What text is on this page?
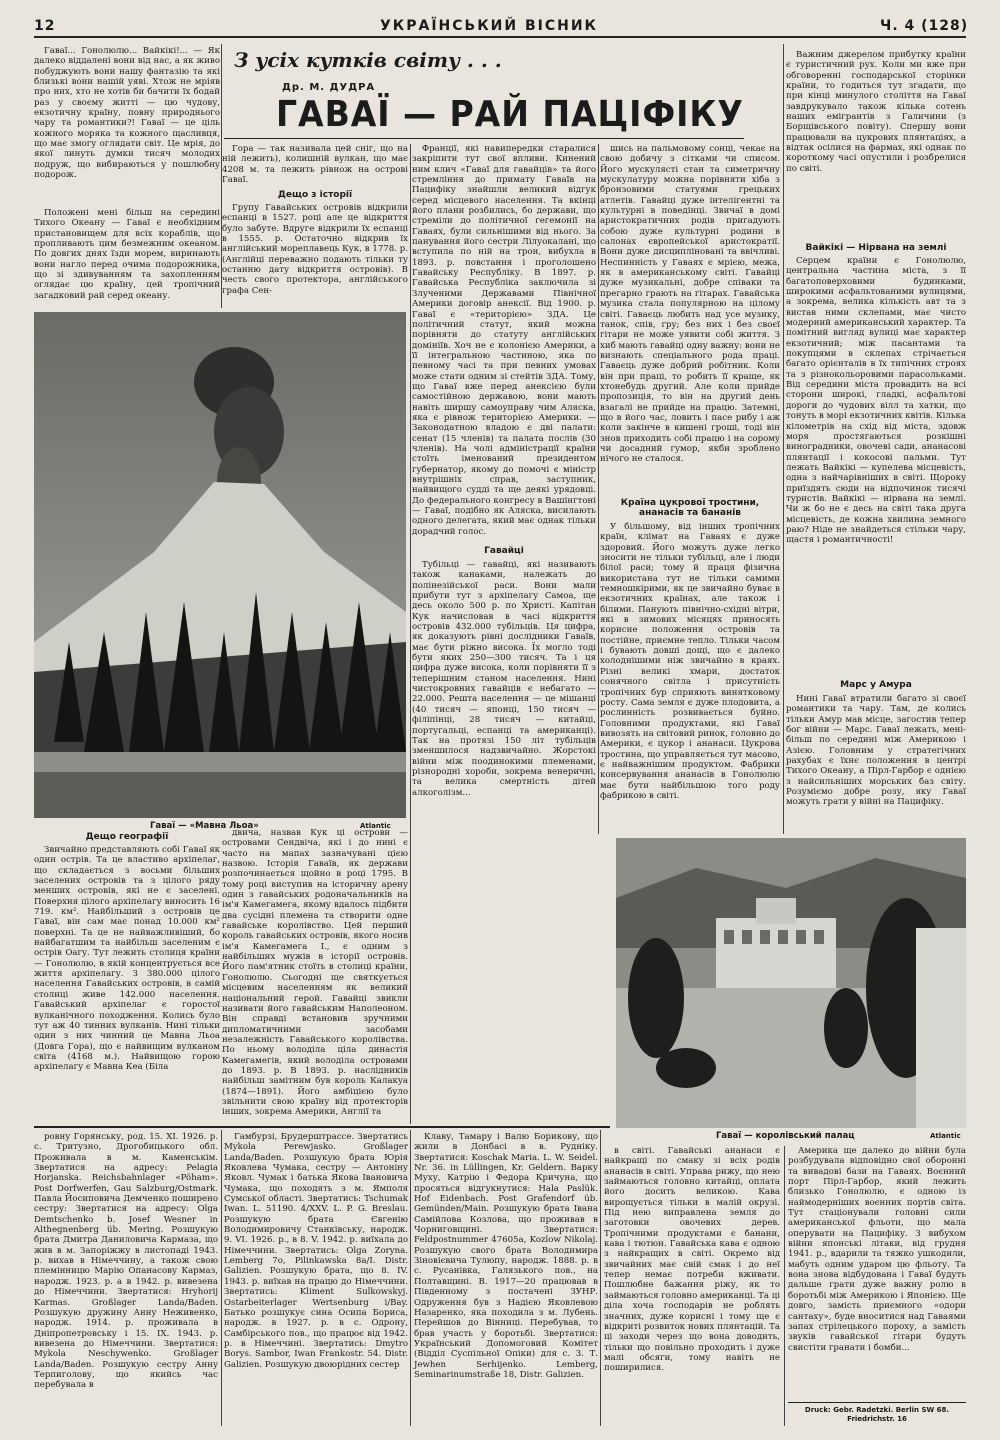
12	УКРАЇНСЬКИЙ ВІСНИК	Ч. 4 (128)

Гаваї... Гонолюлю... Вайкікі!... — Як далеко віддалені вони від нас, а як живо побуджують вони нашу фантазію та які близькі вони нашій уяві. Хтож не мріяв про них, хто не хотів би бачити їх бодай раз у своєму житті — цю чудову, екзотичну країну, повну природнього чару та романтики?! Гаваї — це ціль кожного моряка та кожного щасливця, що має змогу оглядати світ. Це мрія, до якої линуть думки тисяч молодих подруж, що вибираються у пошлюбну подорож.

Положені мені більш на середині Тихого Океану — Гаваї є необхідним пристановищем для всіх кораблів, що пропливають цим безмежним океаном. По довгих днях їзди морем, виринають вони нагло перед очима подорожника, що зі здивуванням та захопленням оглядає цю країну, цей тропічний загадковий рай серед океану.

З усіх кутків світу . . .
Др. М. ДУДРА
ГАВАЇ — РАЙ ПАЦІФІКУ

Гора — так називала цей сніг, що на ній лежить), колишній вулкан, що має 4208 м. та лежить рівнож на острові Гаваї.

Дещо з історії

Групу Гавайських островів відкрили еспанці в 1527. році але це відкриття було забуте. Вдруге відкрили їх еспанці в 1555. р. Остаточно відкрив їх англійський мореплавець Кук, в 1778. р. (Англійці переважно подають тільки ту останню дату відкриття островів). В честь свого протектора, англійського графа Сен-

Гаваї — «Мавна Льоа»	Atlantic
Дещо географії

Звичайно представляють собі Гаваї як один острів. Та це властиво архіпелаг, що складається з восьми більших заселених островів та з цілого ряду менших островів, які не є заселені. Поверхня цілого архіпелагу виносить 16 719. км². Найбільший з островів це Гаваї, він сам має понад 10.000 км² поверхні. Та це не найважливіший, бо найбагатшим та найбільш заселеним є острів Оагу. Тут лежить столиця країни — Гонолюлю, в якій концентрується все життя архіпелагу. З 380.000 цілого населення Гавайських островів, в самій столиці живе 142.000 населення. Гавайський архіпелаг є горостої вулканічного походження. Колись було тут аж 40 тинних вулканів. Нині тільки один з них чинний це Мавна Льоа (Довга Гора), що є найвищим вулканом світа (4168 м.). Найвищою горою архіпелагу є Мавна Кеа (Біла

двича, назвав Кук ці острови — островами Сендвіча, які і до нині є часто на мапах зазначувані цією назвою. Історія Гаваїв, як держави розпочинається щойно в році 1795. В тому році виступив на історичну арену один з гавайських родоначальників на ім'я Камегамега, якому вдалось підбити два сусідні племена та створити одне гавайське королівство. Цей перший король гавайських островів, якого носив ім'я Камегамега I., є одним з найбільших мужів в історії островів. Його пам'ятник стоїть в столиці країни, Гонолюлю. Сьогодні ще святкується місцевим населенням як великий національний герой. Гавайці звикли називати його гавайським Наполеоном. Він справді встановив зручними дипломатичними засобами незалежність Гавайського королівства. По ньому володіла ціла династія Камегамегів, який володіла островами до 1893. р. В 1893. р. наслідників найбільш замітним був король Калакуа (1874—1891). Його амбіцією було звільнити свою країну від протекторів інших, зокрема Америки, Англії та

Франції, які навипередки старалися закріпити тут свої впливи. Кинений ним клич «Гаваї для гавайців» та його стремління до примату Гаваїв на Пацифіку знайшли великий відгук серед місцевого населення. Та вкінці його плани розбились, бо держави, що стреміли до політичної гегемонії на Гаваях, були сильнішими від нього. За панування його сестри Лілуокалані, що вступила по ній на трон, вибухла в 1893. р. повстання і проголошено Гавайську Республіку. В 1897. р. Гавайська Республіка заключила зі Злученими Державами Північної Америки договір анексії. Від 1900. р. Гаваї є «територією» ЗДА. Це політичний статут, який можна порівняти до статуту англійських домініїв. Хоч не є колонією Америки, а її інтегральною частиною, яка по певному часі та при певних умовах може стати одним зі стейтів ЗДА. Тому, що Гаваї вже перед анексією були самостійною державою, вони мають навіть ширшу самоуправу чим Аляска, яка є рівнож територією Америки. — Законодатною владою є дві палати: сенат (15 членів) та палата послів (30 членів). На чолі адміністрації країни стоїть іменований президентом губернатор, якому до помочі є міністр внутрішніх справ, заступник, найвищого судді та ще деякі урядовці. До федерального конгресу в Вашінгтоні — Гаваї, подібно як Аляска, висилають одного делегата, який має однак тільки дорадчий голос.

Гавайці

Тубільці — гавайці, які називають також канаками, належать до полінезійської раси. Вони мали прибути тут з архіпелагу Самоа, ще десь около 500 р. по Христі. Капітан Кук начисловав в часі відкриття островів 432.000 тубільців. Ця цифра, як доказують рівні дослідники Гаваїв, має бути ріжно висока. Їх могло тоді бути яких 250—300 тисяч. Та і ця цифра дуже висока, коли порівняти її з теперішним станом населення. Нині чистокровних гавайців є небагато — 22.000. Решта населення — це мішанці (40 тисяч — японці, 150 тисяч — філіпінці, 28 тисяч — китайці, португальці, еспанці та американці). Так на протязі 150 літ тубільців зменшилося надзвичайно. Жорстокі війни між поодинокими племенами, різнородні хороби, зокрема венеричні, та велика смертність дітей алкоголізм...

шись на пальмовому сонці, чекає на свою добичу з сітками чи списом. Його мускулясті стан та симетричну мускулатуру можна порівняти хіба з бронзовими статуями грецьких атлетів. Гавайці дуже інтелігентні та культурні в поведінці. Звичаї в домі аристократичних родів пригадують собою дуже культурні родини в салонах європейської аристократії. Вони дуже дисципліновані та ввічливі. Неспинність у Гаваях є мрією, межа, як в американському світі. Гавайці дуже музикальні, добре співаки та прегарно грають на гітарах. Гавайська музика стала популярною на цілому світі. Гаваєць любить над усе музику, танок, спів, гру; без них і без своєї гітари не може уявити собі життя. З хиб мають гавайці одну важну: вони не визнають спеціального рода праці. Гаваєць дуже добрий робітник. Коли він при праці, то робить її краще, як хтонебудь другий. Але коли прийде пропозиція, то він на другий день взагалі не прийде на працю. Затемні, що в його час, ловить і пасе рибу і аж коли закінче в кишені гроші, тоді він знов приходить собі працю і на сорому чи досадний гумор, якби зроблено нічого не сталося.

Країна цукрової тростини, ананасів та бананів

У більшому, від інших тропічних країн, клімат на Гаваях є дуже здоровий. Його можуть дуже легко зносити не тільки тубільці, але і люди білої раси; тому й праця фізична використана тут не тільки самими темношкірими, як це звичайно буває в екзотичних країнах, але також і білими. Панують північно-східні вітри, які в зимових місяцях приносять корисне положення островів та постійне, приємне тепло. Тільки часом і бувають довші дощі, що є далеко холоднішими ніж звичайно в краях. Різні великі хмари, достаток сонячного світла і присутність тропічних бур сприяють винятковому росту. Сама земля є дуже плодовита, а рослинність розвивається буйно. Головними продуктами, які Гаваї вивозять на світовий ринок, головно до Америки, є цукор і ананаси. Цукрова тростина, що управляється тут масово, є найважнішим продуктом. Фабрики консервування ананасів в Гонолюлю має бути найбільшою того роду фабрикою в світі.

Важним джерелом прибутку країни є туристичний рух. Коли ми вже при обговоренні господарської сторінки країни, то годиться тут згадати, що при кінці минулого століття на Гаваї завдрукувало також кілька сотень наших емігрантів з Галичини (з Борщівського повіту). Спершу вони працювали на цукрових плянтаціях, а відтак осілися на фармах, які однак по короткому часі опустили і розбрелися по світі.

Вайкікі — Нірвана на землі

Серцем країни є Гонолюлю, центральна частина міста, з її багатоповерховими будинками, широкими асфальтованими вулицями, а зокрема, велика кількість авт та з вистав ними склепами, має чисто модерний американський характер. Та помітний вигляд вулиці має характер екзотичний; між пасантами та покупцями в склепах стрічається багато орієнталів в їх типічних строях та з різнокольоровими парасольками. Від середини міста провадить на всі сторони широкі, гладкі, асфальтові дороги до чудових вілл та хатки, що тонуть в морі екзотичних квітів. Кілька кілометрів на схід від міста, здовж моря простягаються розкішні виноградники, овочеві сади, ананасові плянтації і кокосові пальми. Тут лежать Вайкікі — купелева місцевість, одна з найчарівніших в світі. Щороку приїздять сюди на відпочинок тисячі туристів. Вайкікі — нірвана на землі. Чи ж бо не є десь на світі така друга місцевість, де кожна хвилина земного раю? Ніде не знайдеться стільки чару, щастя і романтичності!

Марс у Амура

Нині Гаваї втратили багато зі своєї романтики та чару. Там, де колись тільки Амур мав місце, загостив тепер бог війни — Марс. Гаваї лежать, мені-більш по середині між Америкою і Азією. Головним у стратегічних рахубах є їхнє положення в центрі Тихого Океану, а Пірл-Гарбор є однією з найсильніших морських баз світу. Розуміємо добре розу, яку Гаваї можуть грати у війні на Пацифіку.

Гаваї — королівський палац	Atlantic

ровну Горянську, род. 15. XI. 1926. р. с. Тритузно, Дрогобицького обл. Проживала в м. Каменськім. Звертатися на адресу: Pelagia Horjanska. Reichsbahnlager «Pöham». Post Dorfwerfen, Gau Salzburg/Ostmark. Павла Йосиповича Демченко поширено сестру: Звертатися на адресу: Olga Demtschenko b. Josef Wesner in Althegnenberg üb. Mering. Розшукую брата Дмитра Даниловича Кармаза, що жив в м. Запоріжжу в листопаді 1943. р. вихав в Німеччину, а також свою племінницю Марію Опанасову Кармаз, народж. 1923. р. а в 1942. р. вивезена до Німеччини. Звертатися: Hryhorij Karmas. Großlager Landa/Baden. Розшукую дружину Анну Неживенко, народж. 1914. р. проживала в Дніпропетровську і 15. IX. 1943. р. вивезена до Німеччини. Звертатися: Mykola Neschywenko. Großlager Landa/Baden. Розшукую сестру Анну Терпиголову, що якийсь час перебувала в

Гамбурзі, Брудерштрассе. Звертатись Mykola Perewjasko. Großlager Landa/Baden. Розшукую брата Юрія Яковлева Чумака, сестру — Антоніну Яковл. Чумак і батька Якова Івановича Чумака, що походять з м. Ямполя Сумської області. Звертатись: Tschumak Iwan. L. 51190. 4/XXV. L. P. G. Breslau. Розшукую брата Євгенію Володимировичу Станківську, народж. 9. VI. 1926. р., в 8. V. 1942. р. виїхала до Німеччини. Звертатись: Olga Zoryna. Lemberg 7o, Pilinkawska 8a/I. Distr. Galizien. Розшукую брата, що 8. IV. 1943. р. виїхав на працю до Німеччини. Звертатись: Kliment Sulkowskyj. Ostarbeiterlager Wertsenburg i/Bay. Батько розшукує сина Осипа Бориса, народж. в 1927. р. в с. Одрону, Самбірського пов., що працює від 1942. р. в Німеччині. Звертатись: Dmytro Borys. Sambor, Iwan Frankostr. 54. Distr. Galizien. Розшукую двоюрідних сестер

Клаву, Тамару і Валю Борикову, що жили в Донбасі в в. Рудніку. Звертатися: Koschak Maria. L. W. Seidel. Nr. 36. in Lüllingen, Kr. Geldern. Варку Муху, Катрію і Федора Кричуна, що просяться відгукнутися: Hala Paslük. Hof Eidenbach. Post Grafendorf üb. Gemünden/Main. Розшукую брата Івана Самійлова Козлова, що проживав в Чорниговщині. Звертатися: Feldpostnummer 47605a, Kozlow Nikolaj. Розшукую свого брата Володимира Зіновієвича Тулюпу, народж. 1888. р. в с. Русанівка, Галязького пов., на Полтавщині. В. 1917—20 працював в Південному з постачені ЗУНР. Одруження був з Надією Яковлевою Назаренко, яка походила з м. Лубень. Перейшов до Вінниці. Перебував, то брав участь у боротьбі. Звертатися: Український Допомоговий Комітет (Відділ Суспільної Опіки) для с. 3. Т. Jewhen Serhijenko. Lemberg, Seminarinumstraße 18, Distr. Galizien.

в світі. Гавайські ананаси є найкращі по смаку зі всіх родів ананасів в світі. Управа рижу, що нею займаються головно китайці, оплата його досить великою. Кава вирощується тільки в малій окрузі. Під нею виправлена земля до заготовки овочевих дерев. Тропічними продуктами є банани, кава і тютюн. Гавайська кава є одною з найкращих в світі. Окремо від звичайних має свій смак і до неї тепер немає потреби вживати. Пошлюбне бажання ріжу, як то займаються головно американці. Та ці діла хоча господарів не роблять значних, дуже корисні і тому ще є відкриті розвиток нових плянтацій. Та ці заходи через що вона доводить, тільки що повільно проходить і дуже малі обсяги, тому навіть не поширилися.

Америка ще далеко до війни була розбудувала відповідно свої оборонні та вивадові бази на Гаваях. Воєнний порт Пірл-Гарбор, який лежить близько Гонолюлю, є одною із наймодерніших воєнних портів світа. Тут стаціонували головні сили американської фльоти, що мала оперувати на Пацифіку. З вибухом війни японські літаки, від грудня 1941. р., вдарили та тяжко ушкодили, мабуть одним ударом цю фльоту. Та вона знова відбудована і Гаваї будуть дальше грати дуже важну ролю в боротьбі між Америкою і Японією. Ще довго, замість приємного «одори сантаху», буде вноситися над Гаваями запах стрілецького пороху, а замість звуків гавайської гітари будуть свистіти гранати і бомби...

Druck: Gebr. Radetzki. Berlin SW 68. Friedrichstr. 16
